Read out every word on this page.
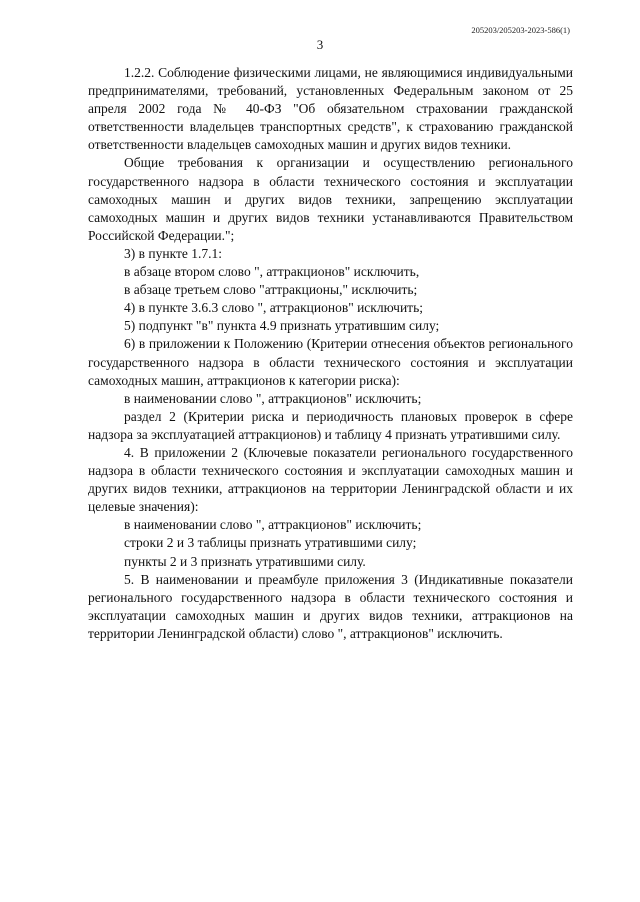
205203/205203-2023-586(1)
3

1.2.2. Соблюдение физическими лицами, не являющимися индивидуальными предпринимателями, требований, установленных Федеральным законом от 25 апреля 2002 года № 40-ФЗ "Об обязательном страховании гражданской ответственности владельцев транспортных средств", к страхованию гражданской ответственности владельцев самоходных машин и других видов техники.

Общие требования к организации и осуществлению регионального государственного надзора в области технического состояния и эксплуатации самоходных машин и других видов техники, запрещению эксплуатации самоходных машин и других видов техники устанавливаются Правительством Российской Федерации.";

3) в пункте 1.7.1:

в абзаце втором слово ", аттракционов" исключить,

в абзаце третьем слово "аттракционы," исключить;

4) в пункте 3.6.3 слово ", аттракционов" исключить;

5) подпункт "в" пункта 4.9 признать утратившим силу;

6) в приложении к Положению (Критерии отнесения объектов регионального государственного надзора в области технического состояния и эксплуатации самоходных машин, аттракционов к категории риска):

в наименовании слово ", аттракционов" исключить;

раздел 2 (Критерии риска и периодичность плановых проверок в сфере надзора за эксплуатацией аттракционов) и таблицу 4 признать утратившими силу.

4. В приложении 2 (Ключевые показатели регионального государственного надзора в области технического состояния и эксплуатации самоходных машин и других видов техники, аттракционов на территории Ленинградской области и их целевые значения):

в наименовании слово ", аттракционов" исключить;

строки 2 и 3 таблицы признать утратившими силу;

пункты 2 и 3 признать утратившими силу.

5. В наименовании и преамбуле приложения 3 (Индикативные показатели регионального государственного надзора в области технического состояния и эксплуатации самоходных машин и других видов техники, аттракционов на территории Ленинградской области) слово ", аттракционов" исключить.
